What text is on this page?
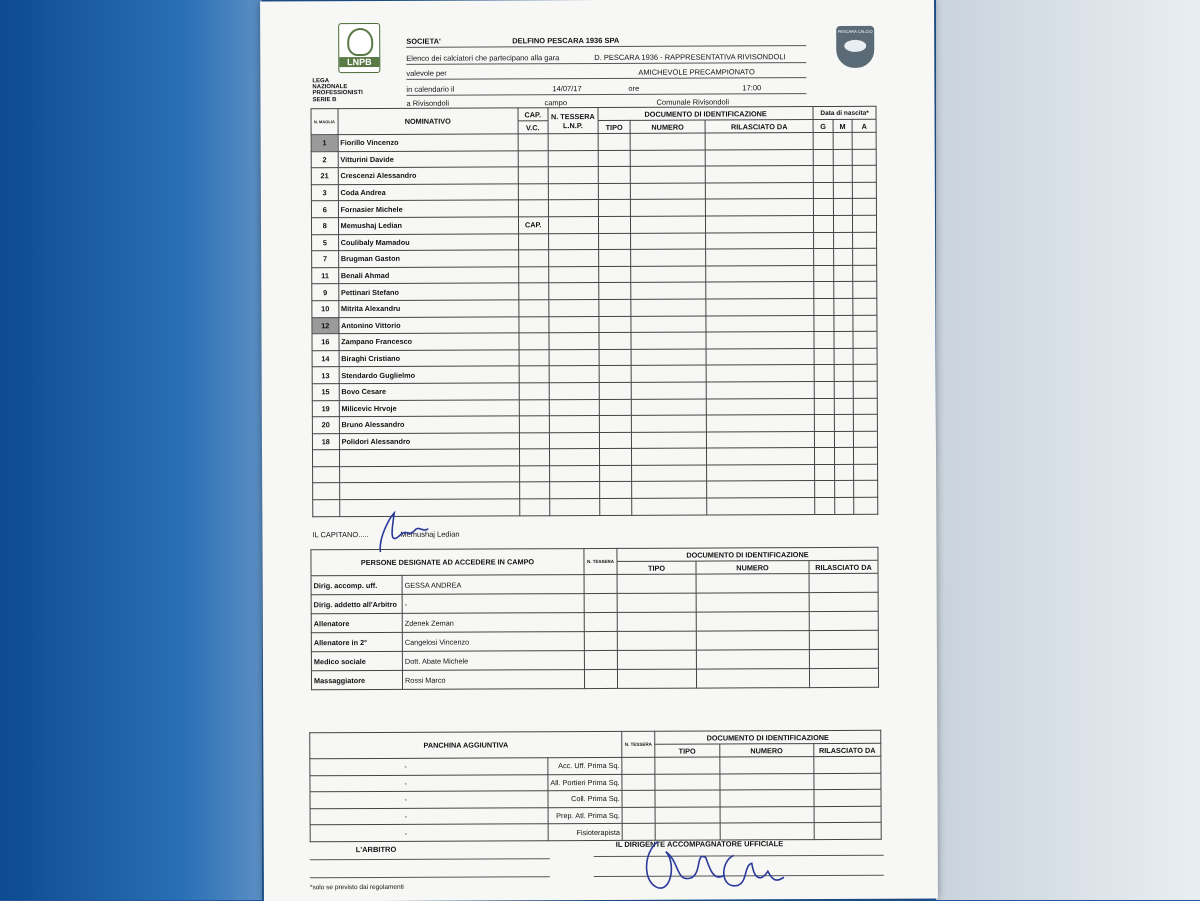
LNPB
PESCARA CALCIO
SOCIETA'	DELFINO PESCARA 1936 SPA
Elenco dei calciatori che partecipano alla gara	D. PESCARA 1936 - RAPPRESENTATIVA RIVISONDOLI
valevole per	AMICHEVOLE PRECAMPIONATO
in calendario il	14/07/17	ore	17:00
a Rivisondoli	campo	Comunale Rivisondoli
LEGA
NAZIONALE
PROFESSIONISTI
SERIE B
N. MAGLIA	NOMINATIVO	CAP.	N. TESSERA
L.N.P.	DOCUMENTO DI IDENTIFICAZIONE			Data di nascita*		
		V.C.		TIPO	NUMERO	RILASCIATO DA	G	M	A
1	Fiorillo Vincenzo								
2	Vitturini Davide								
21	Crescenzi Alessandro								
3	Coda Andrea								
6	Fornasier Michele								
8	Memushaj Ledian	CAP.							
5	Coulibaly Mamadou								
7	Brugman Gaston								
11	Benali Ahmad								
9	Pettinari Stefano								
10	Mitrita Alexandru								
12	Antonino Vittorio								
16	Zampano Francesco								
14	Biraghi Cristiano								
13	Stendardo Guglielmo								
15	Bovo Cesare								
19	Milicevic Hrvoje								
20	Bruno Alessandro								
18	Polidori Alessandro								

IL CAPITANO.....	Memushaj Ledian
PERSONE DESIGNATE AD ACCEDERE IN CAMPO		N. TESSERA	DOCUMENTO DI IDENTIFICAZIONE		
			TIPO	NUMERO	RILASCIATO DA
Dirig. accomp. uff.	GESSA ANDREA				
Dirig. addetto all'Arbitro	-				
Allenatore	Zdenek Zeman				
Allenatore in 2°	Cangelosi Vincenzo				
Medico sociale	Dott. Abate Michele				
Massaggiatore	Rossi Marco				
PANCHINA AGGIUNTIVA		N. TESSERA	DOCUMENTO DI IDENTIFICAZIONE		
			TIPO	NUMERO	RILASCIATO DA
-	Acc. Uff. Prima Sq.				
-	All. Portieri Prima Sq.				
-	Coll. Prima Sq.				
-	Prep. Atl. Prima Sq.				
-	Fisioterapista				
L'ARBITRO
IL DIRIGENTE ACCOMPAGNATORE UFFICIALE
*solo se previsto dai regolamenti
